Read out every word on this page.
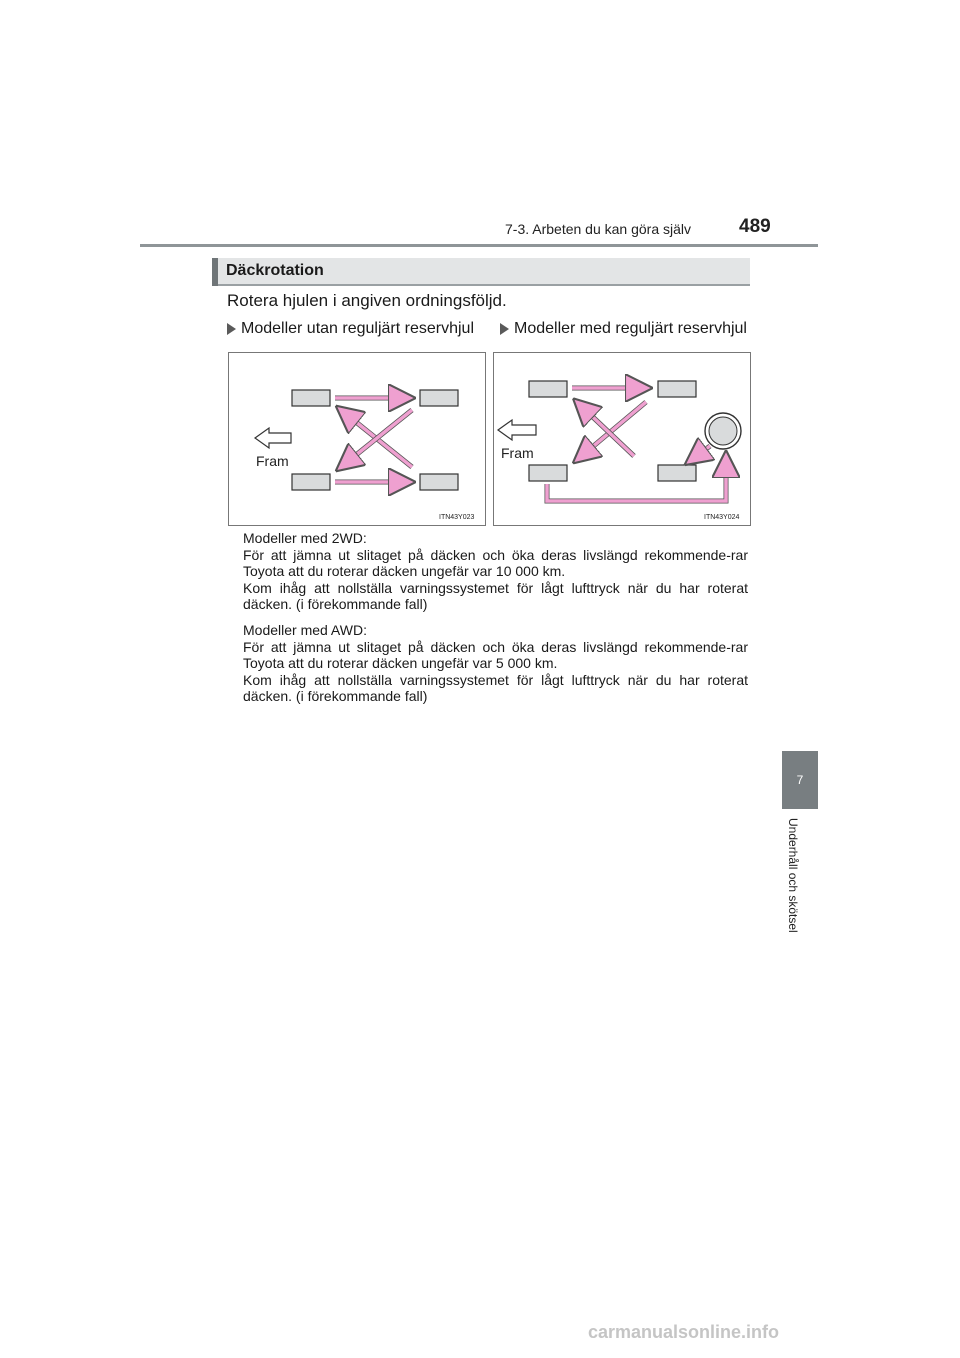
7-3. Arbeten du kan göra själv	489
Däckrotation
Rotera hjulen i angiven ordningsföljd.
Modeller utan reguljärt reservhjul	Modeller med reguljärt reservhjul
Fram
ITN43Y023
Fram
ITN43Y024

Modeller med 2WD:

För att jämna ut slitaget på däcken och öka deras livslängd rekommende-rar Toyota att du roterar däcken ungefär var 10 000 km.

Kom ihåg att nollställa varningssystemet för lågt lufttryck när du har roterat däcken. (i förekommande fall)

Modeller med AWD:

För att jämna ut slitaget på däcken och öka deras livslängd rekommende-rar Toyota att du roterar däcken ungefär var 5 000 km.

Kom ihåg att nollställa varningssystemet för lågt lufttryck när du har roterat däcken. (i förekommande fall)

7
Underhåll och skötsel
carmanualsonline.info
